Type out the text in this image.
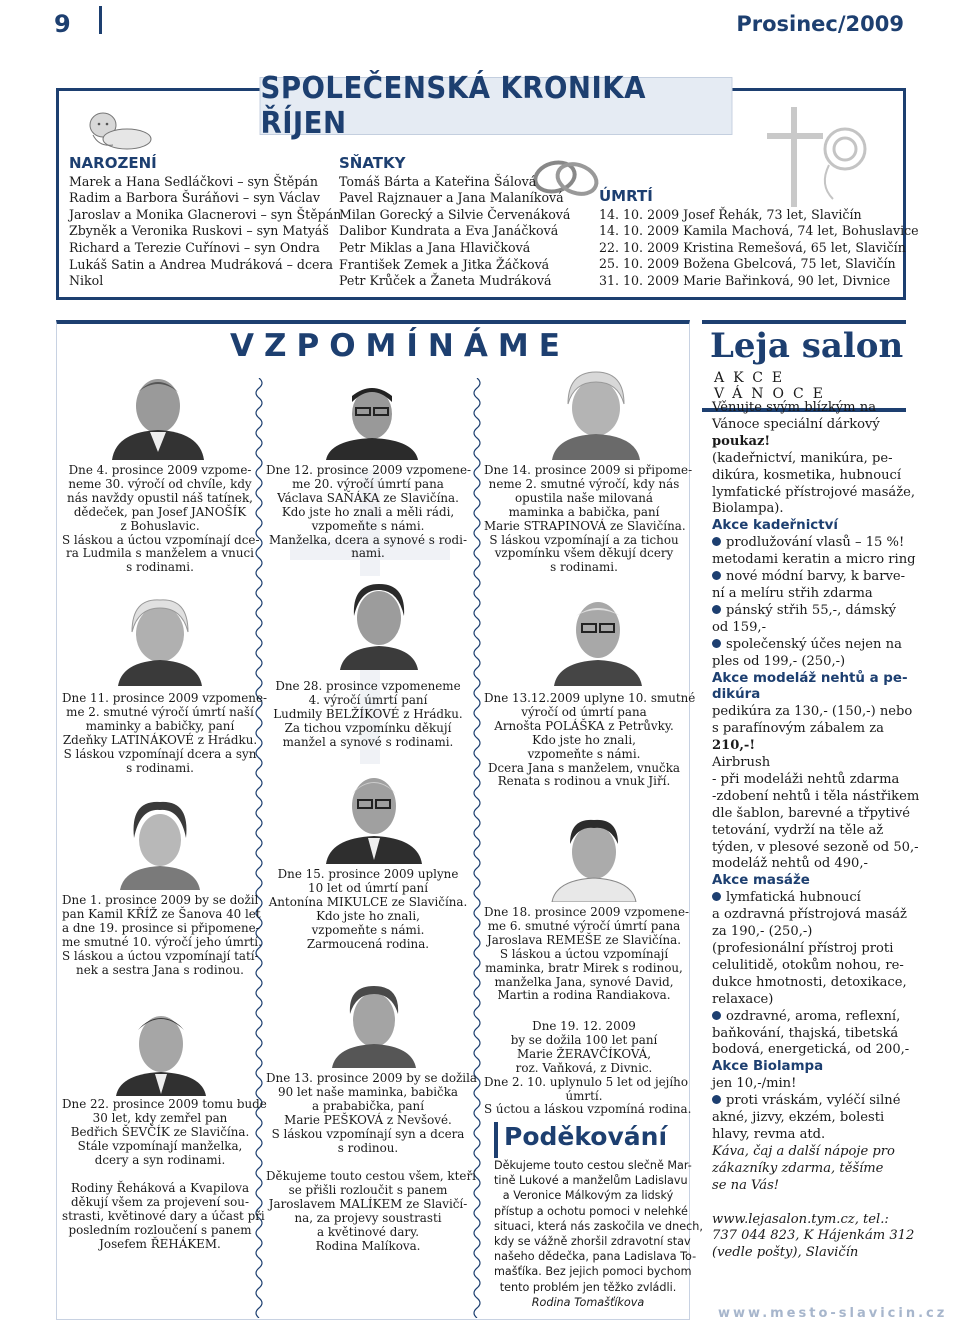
9	Prosinec/2009
SPOLEČENSKÁ KRONIKA ŘÍJEN
NAROZENÍ
Marek a Hana Sedláčkovi – syn Štěpán
Radim a Barbora Šuráňovi – syn Václav
Jaroslav a Monika Glacnerovi – syn Štěpán
Zbyněk a Veronika Ruskovi – syn Matyáš
Richard a Terezie Cuřínovi – syn Ondra
Lukáš Satin a Andrea Mudráková – dcera
Nikol
SŇATKY
Tomáš Bárta a Kateřina Šálová
Pavel Rajznauer a Jana Malaníková
Milan Gorecký a Silvie Červenáková
Dalibor Kundrata a Eva Janáčková
Petr Miklas a Jana Hlavičková
František Zemek a Jitka Žáčková
Petr Krůček a Žaneta Mudráková
ÚMRTÍ
14. 10. 2009 Josef Řehák, 73 let, Slavičín
14. 10. 2009 Kamila Machová, 74 let, Bohuslavice
22. 10. 2009 Kristina Remešová, 65 let, Slavičín
25. 10. 2009 Božena Gbelcová, 75 let, Slavičín
31. 10. 2009 Marie Bařinková, 90 let, Divnice
VZPOMÍNÁME
Dne 4. prosince 2009 vzpome-
neme 30. výročí od chvíle, kdy
nás navždy opustil náš tatínek,
dědeček, pan Josef JANOŠÍK
z Bohuslavic.
S láskou a úctou vzpomínají dce-
ra Ludmila s manželem a vnuci
s rodinami.
Dne 11. prosince 2009 vzpomene-
me 2. smutné výročí úmrtí naší
maminky a babičky, paní
Zdeňky LATINÁKOVÉ z Hrádku.
S láskou vzpomínají dcera a syn
s rodinami.
Dne 1. prosince 2009 by se dožil
pan Kamil KŘÍŽ ze Šanova 40 let
a dne 19. prosince si připomene-
me smutné 10. výročí jeho úmrtí.
S láskou a úctou vzpomínají tatí-
nek a sestra Jana s rodinou.
Dne 22. prosince 2009 tomu bude
30 let, kdy zemřel pan
Bedřich ŠEVČÍK ze Slavičína.
Stále vzpomínají manželka,
dcery a syn rodinami.
Rodiny Řeháková a Kvapilova
děkují všem za projevení sou-
strasti, květinové dary a účast při
posledním rozloučení s panem
Josefem ŘEHÁKEM.
Dne 12. prosince 2009 vzpomene-
me 20. výročí úmrtí pana
Václava SAŇÁKA ze Slavičína.
Kdo jste ho znali a měli rádi,
vzpomeňte s námi.
Manželka, dcera a synové s rodi-
nami.
Dne 28. prosince vzpomeneme
4. výročí úmrtí paní
Ludmily BELŽÍKOVÉ z Hrádku.
Za tichou vzpomínku děkují
manžel a synové s rodinami.
Dne 15. prosince 2009 uplyne
10 let od úmrtí paní
Antonína MIKULCE ze Slavičína.
Kdo jste ho znali,
vzpomeňte s námi.
Zarmoucená rodina.
Dne 13. prosince 2009 by se dožila
90 let naše maminka, babička
a prababička, paní
Marie PEŠKOVÁ z Nevšové.
S láskou vzpomínají syn a dcera
s rodinou.
Děkujeme touto cestou všem, kteří
se přišli rozloučit s panem
Jaroslavem MALÍKEM ze Slavičí-
na, za projevy soustrasti
a květinové dary.
Rodina Malíkova.
Dne 14. prosince 2009 si připome-
neme 2. smutné výročí, kdy nás
opustila naše milovaná
maminka a babička, paní
Marie STRAPINOVÁ ze Slavičína.
S láskou vzpomínají a za tichou
vzpomínku všem děkují dcery
s rodinami.
Dne 13.12.2009 uplyne 10. smutné
výročí od úmrtí pana
Arnošta POLÁŠKA z Petrůvky.
Kdo jste ho znali,
vzpomeňte s námi.
Dcera Jana s manželem, vnučka
Renata s rodinou a vnuk Jiří.
Dne 18. prosince 2009 vzpomene-
me 6. smutné výročí úmrtí pana
Jaroslava REMEŠE ze Slavičína.
S láskou a úctou vzpomínají
maminka, bratr Mirek s rodinou,
manželka Jana, synové David,
Martin a rodina Randiakova.
Dne 19. 12. 2009
by se dožila 100 let paní
Marie ŽERAVČÍKOVÁ,
roz. Vaňková, z Divnic.
Dne 2. 10. uplynulo 5 let od jejího
úmrtí.
S úctou a láskou vzpomíná rodina.
Poděkování
Děkujeme touto cestou slečně Mar-
tině Lukové a manželům Ladislavu
a Veronice Málkovým za lidský
přístup a ochotu pomoci v nelehké
situaci, která nás zaskočila ve dnech,
kdy se vážně zhoršil zdravotní stav
našeho dědečka, pana Ladislava To-
mašťíka. Bez jejich pomoci bychom
tento problém jen těžko zvládli.
Rodina Tomašťíkova
Leja salon
AKCE VÁNOCE
Věnujte svým blízkým na
Vánoce speciální dárkový
poukaz!
(kadeřnictví, manikúra, pe-
dikúra, kosmetika, hubnoucí
lymfatické přístrojové masáže,
Biolampa).
Akce kadeřnictví
prodlužování vlasů – 15 %!
metodami keratin a micro ring
nové módní barvy, k barve-
ní a melíru střih zdarma
pánský střih 55,-, dámský
od 159,-
společenský účes nejen na
ples od 199,- (250,-)
Akce modeláž nehtů a pe-
dikúra
pedikúra za 130,- (150,-) nebo
s parafínovým zábalem za
210,-!
Airbrush
- při modeláži nehtů zdarma
-zdobení nehtů i těla nástřikem
dle šablon, barevné a třpytivé
tetování, vydrží na těle až
týden, v plesové sezoně od 50,-
modeláž nehtů od 490,-
Akce masáže
lymfatická hubnoucí
a ozdravná přístrojová masáž
za 190,- (250,-)
(profesionální přístroj proti
celulitidě, otokům nohou, re-
dukce hmotnosti, detoxikace,
relaxace)
ozdravné, aroma, reflexní,
baňkování, thajská, tibetská
bodová, energetická, od 200,-
Akce Biolampa
jen 10,-/min!
proti vráskám, vyléčí silné
akné, jizvy, ekzém, bolesti
hlavy, revma atd.
Káva, čaj a další nápoje pro
zákazníky zdarma, těšíme
se na Vás!

www.lejasalon.tym.cz, tel.:
737 044 823, K Hájenkám 312
(vedle pošty), Slavičín
www.mesto-slavicin.cz
